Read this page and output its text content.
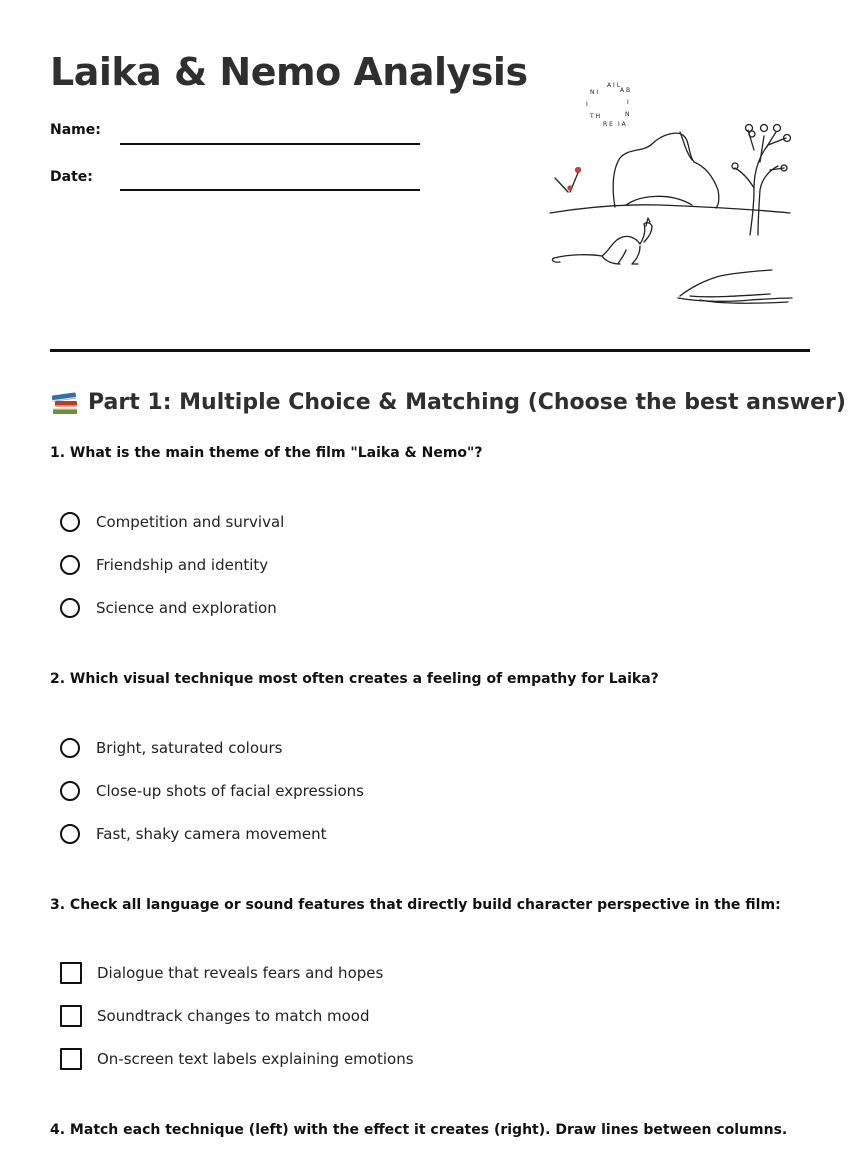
Laika & Nemo Analysis
Name:
Date:
A I L
A B
I
N
I A
R E
T H
I
N I
Part 1: Multiple Choice & Matching (Choose the best answer)

1. What is the main theme of the film "Laika & Nemo"?

Competition and survival
Friendship and identity
Science and exploration

2. Which visual technique most often creates a feeling of empathy for Laika?

Bright, saturated colours
Close-up shots of facial expressions
Fast, shaky camera movement

3. Check all language or sound features that directly build character perspective in the film:

Dialogue that reveals fears and hopes
Soundtrack changes to match mood
On-screen text labels explaining emotions

4. Match each technique (left) with the effect it creates (right). Draw lines between columns.
